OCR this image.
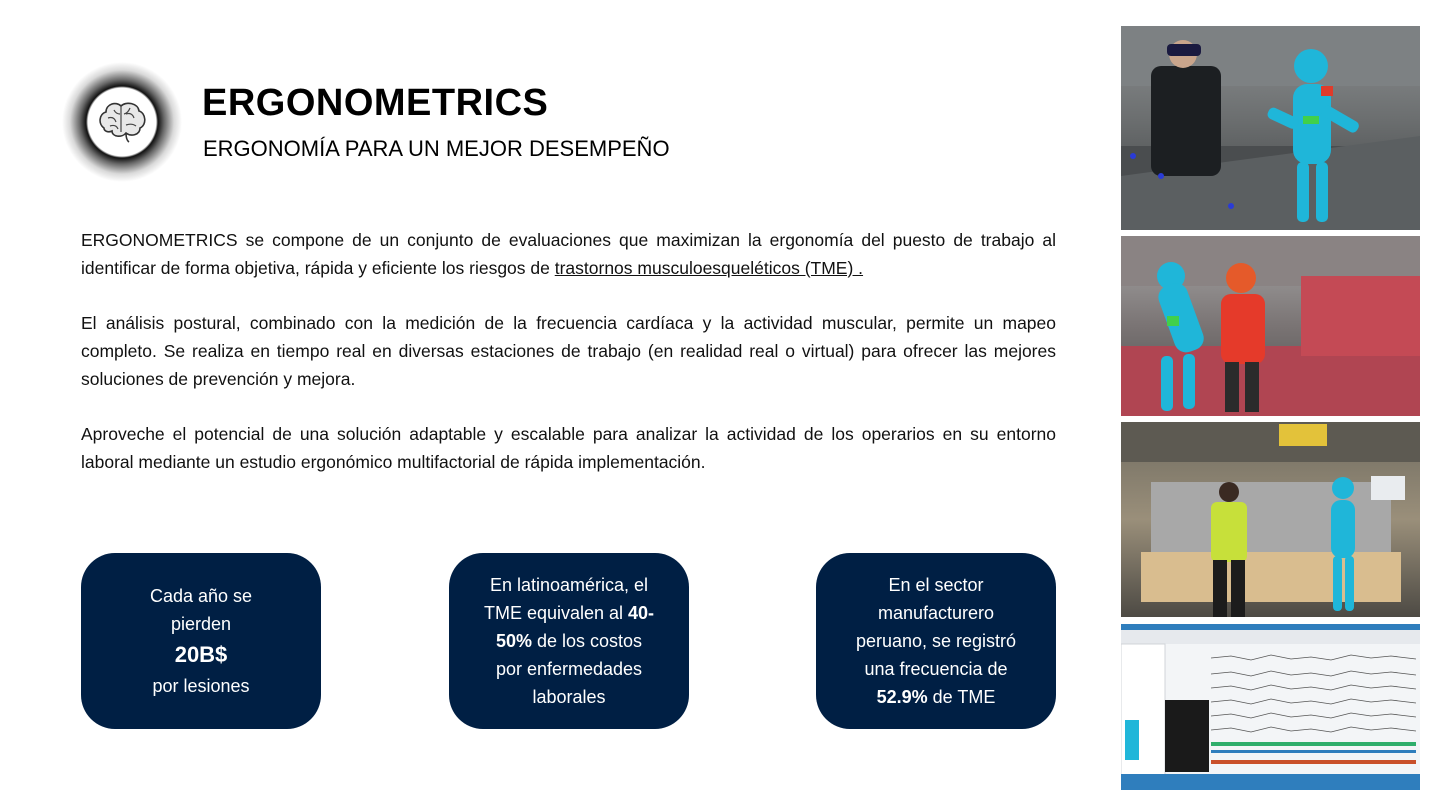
ERGONOMETRICS
ERGONOMÍA PARA UN MEJOR DESEMPEÑO

ERGONOMETRICS se compone de un conjunto de evaluaciones que maximizan la ergonomía del puesto de trabajo al identificar de forma objetiva, rápida y eficiente los riesgos de trastornos musculoesqueléticos (TME) .

El análisis postural, combinado con la medición de la frecuencia cardíaca y la actividad muscular, permite un mapeo completo. Se realiza en tiempo real en diversas estaciones de trabajo (en realidad real o virtual) para ofrecer las mejores soluciones de prevención y mejora.

Aproveche el potencial de una solución adaptable y escalable para analizar la actividad de los operarios en su entorno laboral mediante un estudio ergonómico multifactorial de rápida implementación.

Cada año se
pierden
20B$
por lesiones
En latinoamérica, el
TME equivalen al 40-
50% de los costos
por enfermedades
laborales
En el sector
manufacturero
peruano, se registró
una frecuencia de
52.9% de TME
